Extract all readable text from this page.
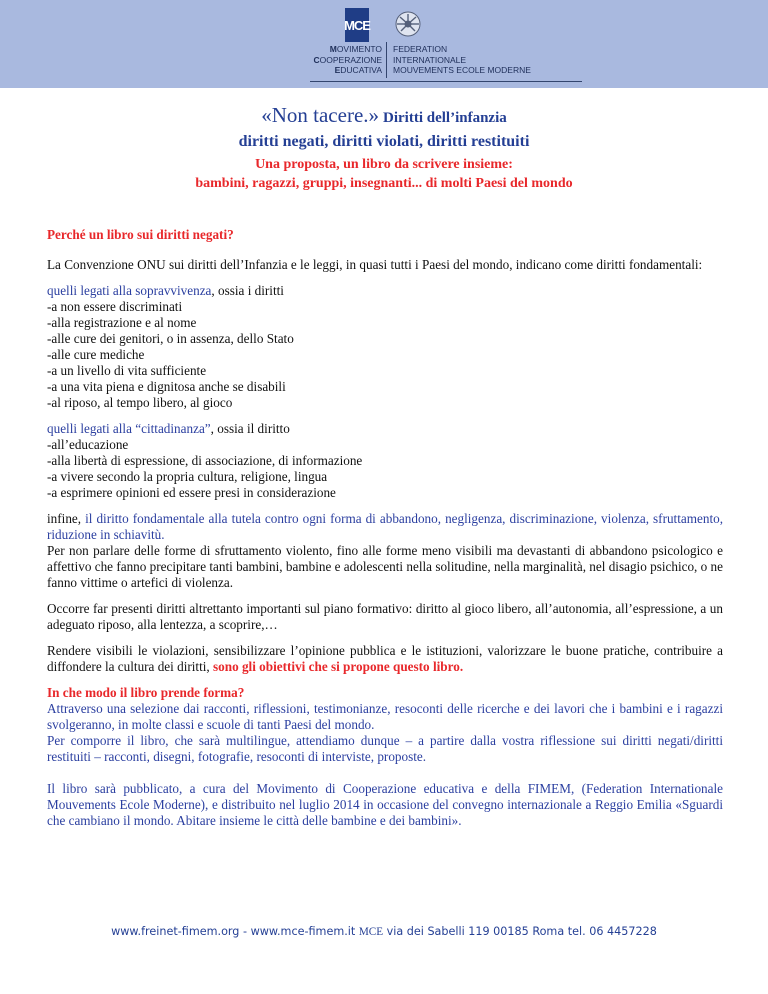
MCE
MOVIMENTO
COOPERAZIONE
EDUCATIVA
FEDERATION
INTERNATIONALE
MOUVEMENTS ECOLE MODERNE
«Non tacere.» Diritti dell’infanzia
diritti negati, diritti violati, diritti restituiti
Una proposta, un libro da scrivere insieme:
bambini, ragazzi, gruppi, insegnanti... di molti Paesi del mondo

Perché un libro sui diritti negati?

La Convenzione ONU sui diritti dell’Infanzia e le leggi, in quasi tutti i Paesi del mondo, indicano come diritti fondamentali:

quelli legati alla sopravvivenza, ossia i diritti

-a non essere discriminati
-alla registrazione e al nome
-alle cure dei genitori, o in assenza, dello Stato
-alle cure mediche
-a un livello di vita sufficiente
-a una vita piena e dignitosa anche se disabili
-al riposo, al tempo libero, al gioco

quelli legati alla “cittadinanza”, ossia il diritto

-all’educazione
-alla libertà di espressione, di associazione, di informazione
-a vivere secondo la propria cultura, religione, lingua
-a esprimere opinioni ed essere presi in considerazione

infine, il diritto fondamentale alla tutela contro ogni forma di abbandono, negligenza, discriminazione, violenza, sfruttamento, riduzione in schiavitù.
Per non parlare delle forme di sfruttamento violento, fino alle forme meno visibili ma devastanti di abbandono psicologico e affettivo che fanno precipitare tanti bambini, bambine e adolescenti nella solitudine, nella marginalità, nel disagio psichico, o ne fanno vittime o artefici di violenza.

Occorre far presenti diritti altrettanto importanti sul piano formativo: diritto al gioco libero, all’autonomia, all’espressione, a un adeguato riposo, alla lentezza, a scoprire,…

Rendere visibili le violazioni, sensibilizzare l’opinione pubblica e le istituzioni, valorizzare le buone pratiche, contribuire a diffondere la cultura dei diritti, sono gli obiettivi che si propone questo libro.

In che modo il libro prende forma?

Attraverso una selezione dai racconti, riflessioni, testimonianze, resoconti delle ricerche e dei lavori che i bambini e i ragazzi svolgeranno, in molte classi e scuole di tanti Paesi del mondo.

Per comporre il libro, che sarà multilingue, attendiamo dunque – a partire dalla vostra riflessione sui diritti negati/diritti restituiti – racconti, disegni, fotografie, resoconti di interviste, proposte.

Il libro sarà pubblicato, a cura del Movimento di Cooperazione educativa e della FIMEM, (Federation Internationale Mouvements Ecole Moderne), e distribuito nel luglio 2014 in occasione del convegno internazionale a Reggio Emilia «Sguardi che cambiano il mondo. Abitare insieme le città delle bambine e dei bambini».

www.freinet-fimem.org - www.mce-fimem.it MCE via dei Sabelli 119 00185 Roma tel. 06 4457228
